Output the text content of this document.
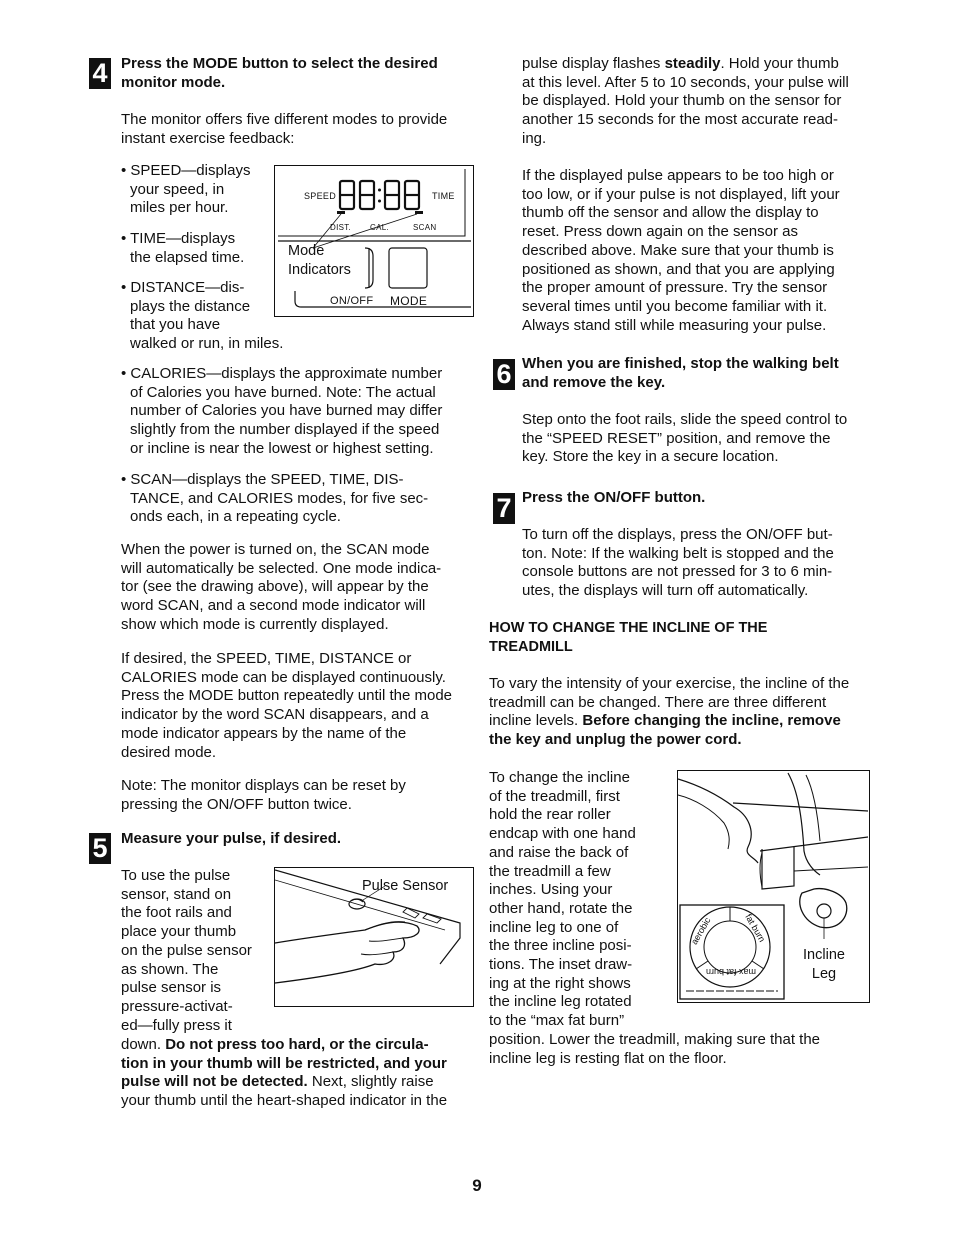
4 Press the MODE button to select the desired

monitor mode.

The monitor offers five different modes to provide

instant exercise feedback:

• SPEED—displays

your speed, in

miles per hour.

• TIME—displays

the elapsed time.

• DISTANCE—dis-

plays the distance

that you have

walked or run, in miles.

SPEED	TIME
DIST. CAL.	SCAN
Mode
Indicators
ON/OFF MODE

• CALORIES—displays the approximate number

of Calories you have burned. Note: The actual

number of Calories you have burned may differ

slightly from the number displayed if the speed

or incline is near the lowest or highest setting.

• SCAN—displays the SPEED, TIME, DIS-

TANCE, and CALORIES modes, for five sec-

onds each, in a repeating cycle.

When the power is turned on, the SCAN mode

will automatically be selected. One mode indica-

tor (see the drawing above), will appear by the

word SCAN, and a second mode indicator will

show which mode is currently displayed.

If desired, the SPEED, TIME, DISTANCE or

CALORIES mode can be displayed continuously.

Press the MODE button repeatedly until the mode

indicator by the word SCAN disappears, and a

mode indicator appears by the name of the

desired mode.

Note: The monitor displays can be reset by

pressing the ON/OFF button twice.

5 Measure your pulse, if desired.

To use the pulse

sensor, stand on

the foot rails and

place your thumb

on the pulse sensor

as shown. The

pulse sensor is

pressure-activat-

ed—fully press it

down. Do not press too hard, or the circula-

tion in your thumb will be restricted, and your

pulse will not be detected. Next, slightly raise

your thumb until the heart-shaped indicator in the

Pulse Sensor

pulse display flashes steadily. Hold your thumb

at this level. After 5 to 10 seconds, your pulse will

be displayed. Hold your thumb on the sensor for

another 15 seconds for the most accurate read-

ing.

If the displayed pulse appears to be too high or

too low, or if your pulse is not displayed, lift your

thumb off the sensor and allow the display to

reset. Press down again on the sensor as

described above. Make sure that your thumb is

positioned as shown, and that you are applying

the proper amount of pressure. Try the sensor

several times until you become familiar with it.

Always stand still while measuring your pulse.

6 When you are finished, stop the walking belt

and remove the key.

Step onto the foot rails, slide the speed control to

the “SPEED RESET” position, and remove the

key. Store the key in a secure location.

7 Press the ON/OFF button.

To turn off the displays, press the ON/OFF but-

ton. Note: If the walking belt is stopped and the

console buttons are not pressed for 3 to 6 min-

utes, the displays will turn off automatically.

HOW TO CHANGE THE INCLINE OF THE

TREADMILL

To vary the intensity of your exercise, the incline of the

treadmill can be changed. There are three different

incline levels. Before changing the incline, remove

the key and unplug the power cord.

To change the incline

of the treadmill, first

hold the rear roller

endcap with one hand

and raise the back of

the treadmill a few

inches. Using your

other hand, rotate the

incline leg to one of

the three incline posi-

tions. The inset draw-

ing at the right shows

the incline leg rotated

to the “max fat burn”

position. Lower the treadmill, making sure that the

incline leg is resting flat on the floor.

aerobic	fat burn
max fat burn
Incline
Leg
9
